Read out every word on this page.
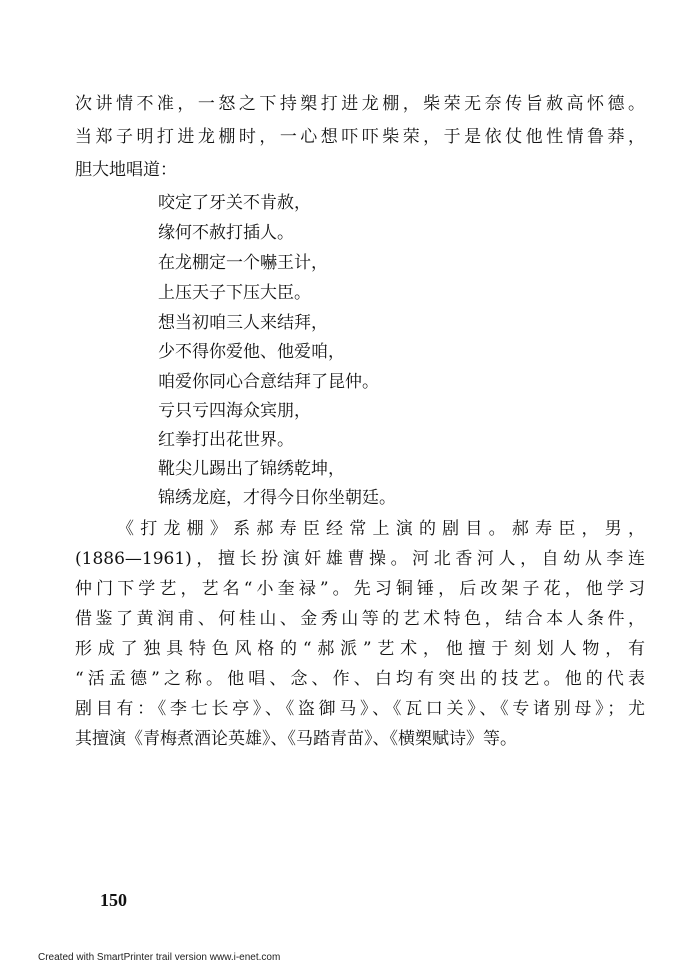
次讲情不准，一怒之下持槊打进龙棚，柴荣无奈传旨赦高怀德。
当郑子明打进龙棚时，一心想吓吓柴荣，于是依仗他性情鲁莽，
胆大地唱道：
咬定了牙关不肯赦，
缘何不赦打插人。
在龙棚定一个嚇王计，
上压天子下压大臣。
想当初咱三人来结拜，
少不得你爱他、他爱咱，
咱爱你同心合意结拜了昆仲。
亏只亏四海众宾朋，
红拳打出花世界。
靴尖儿踢出了锦绣乾坤，
锦绣龙庭，才得今日你坐朝廷。
《打龙棚》系郝寿臣经常上演的剧目。郝寿臣，男，
(1886—1961)，擅长扮演奸雄曹操。河北香河人，自幼从李连
仲门下学艺，艺名“小奎禄”。先习铜锤，后改架子花，他学习
借鉴了黄润甫、何桂山、金秀山等的艺术特色，结合本人条件，
形成了独具特色风格的“郝派”艺术，他擅于刻划人物，有
“活孟德”之称。他唱、念、作、白均有突出的技艺。他的代表
剧目有：《李七长亭》、《盗御马》、《瓦口关》、《专诸别母》；尤
其擅演《青梅煮酒论英雄》、《马踏青苗》、《横槊赋诗》等。
150
Created with SmartPrinter trail version www.i-enet.com
